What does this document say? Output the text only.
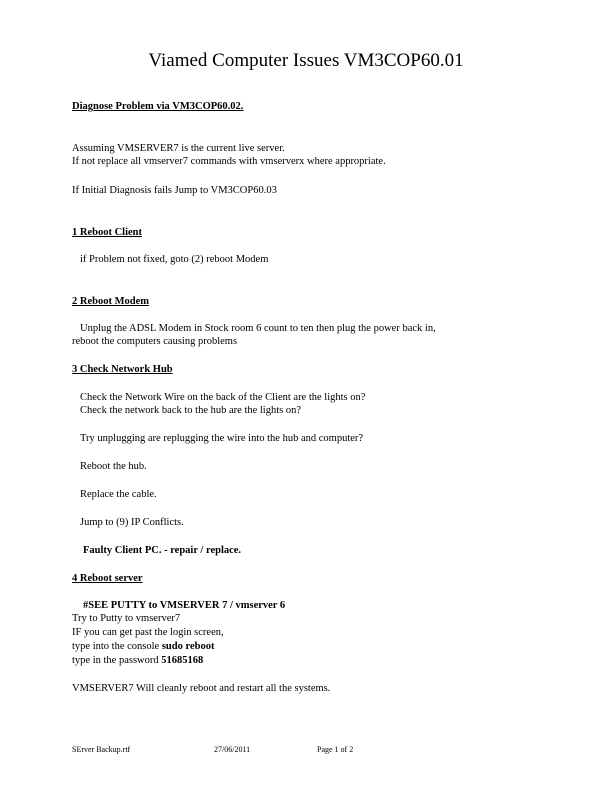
Viamed Computer Issues VM3COP60.01
Diagnose Problem via VM3COP60.02.
Assuming VMSERVER7 is the current live server.
If not replace all vmserver7 commands with vmserverx where appropriate.
If Initial Diagnosis fails Jump to VM3COP60.03
1 Reboot Client
if Problem not fixed, goto (2) reboot Modem
2 Reboot Modem
Unplug the ADSL Modem in Stock room 6 count to ten then plug the power back in,
reboot the computers causing problems
3 Check Network Hub
Check the Network Wire on the back of the Client are the lights on?
Check the network back to the hub are the lights on?
Try unplugging are replugging the wire into the hub and computer?
Reboot the hub.
Replace the cable.
Jump to (9) IP Conflicts.
Faulty Client PC. - repair / replace.
4 Reboot server
#SEE PUTTY to VMSERVER 7 / vmserver 6
Try to Putty to vmserver7
IF you can get past the login screen,
type into the console sudo reboot
type in the password 51685168
VMSERVER7 Will cleanly reboot and restart all the systems.
SErver Backup.rtf	27/06/2011	Page 1 of 2
